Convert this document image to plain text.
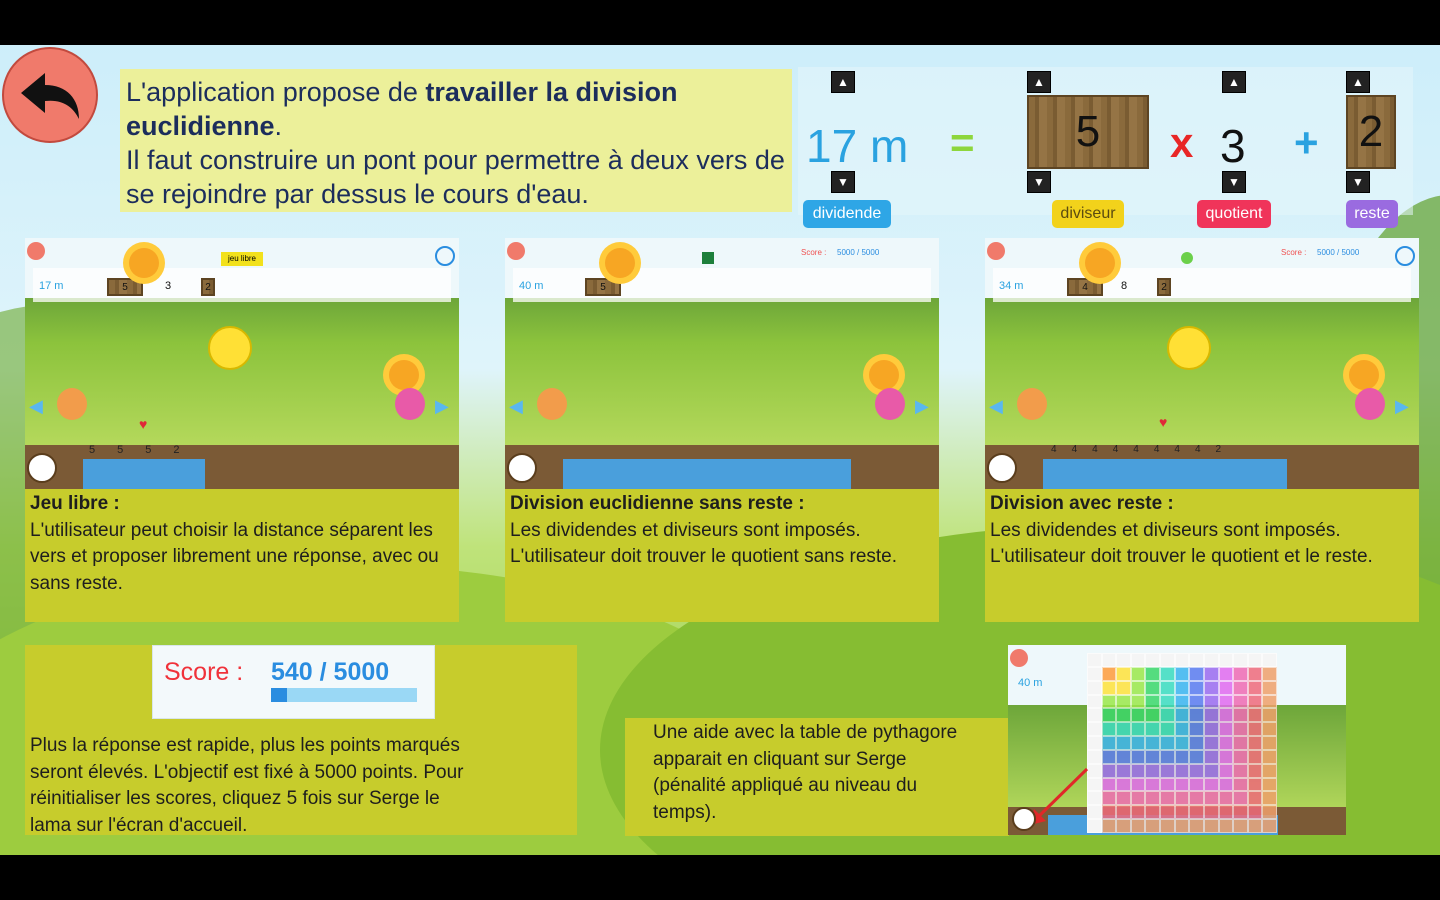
L'application propose de travailler la division euclidienne.
Il faut construire un pont pour permettre à deux vers de se rejoindre par dessus le cours d'eau.
▲
▼
17 m =
▲
▼
5	x
▲
▼
3 +
▲
▼
2
dividende	diviseur	quotient	reste
jeu libre
17 m	5	3	2
◀	▶
♥
5 5 5 2
Jeu libre :
L'utilisateur peut choisir la distance séparent les vers et proposer librement une réponse, avec ou sans reste.
Score : 5000 / 5000
40 m	5
◀	▶
Division euclidienne sans reste :
Les dividendes et diviseurs sont imposés. L'utilisateur doit trouver le quotient sans reste.
Score : 5000 / 5000
34 m	4	8	2
◀	▶
♥
4 4 4 4 4 4 4 4 2
Division avec reste :
Les dividendes et diviseurs sont imposés. L'utilisateur doit trouver le quotient et le reste.
Score : 540 / 5000
Plus la réponse est rapide, plus les points marqués seront élevés. L'objectif est fixé à 5000 points. Pour réinitialiser les scores, cliquez 5 fois sur Serge le lama sur l'écran d'accueil.
Une aide avec la table de pythagore apparait en cliquant sur Serge (pénalité appliqué au niveau du temps).
40 m
